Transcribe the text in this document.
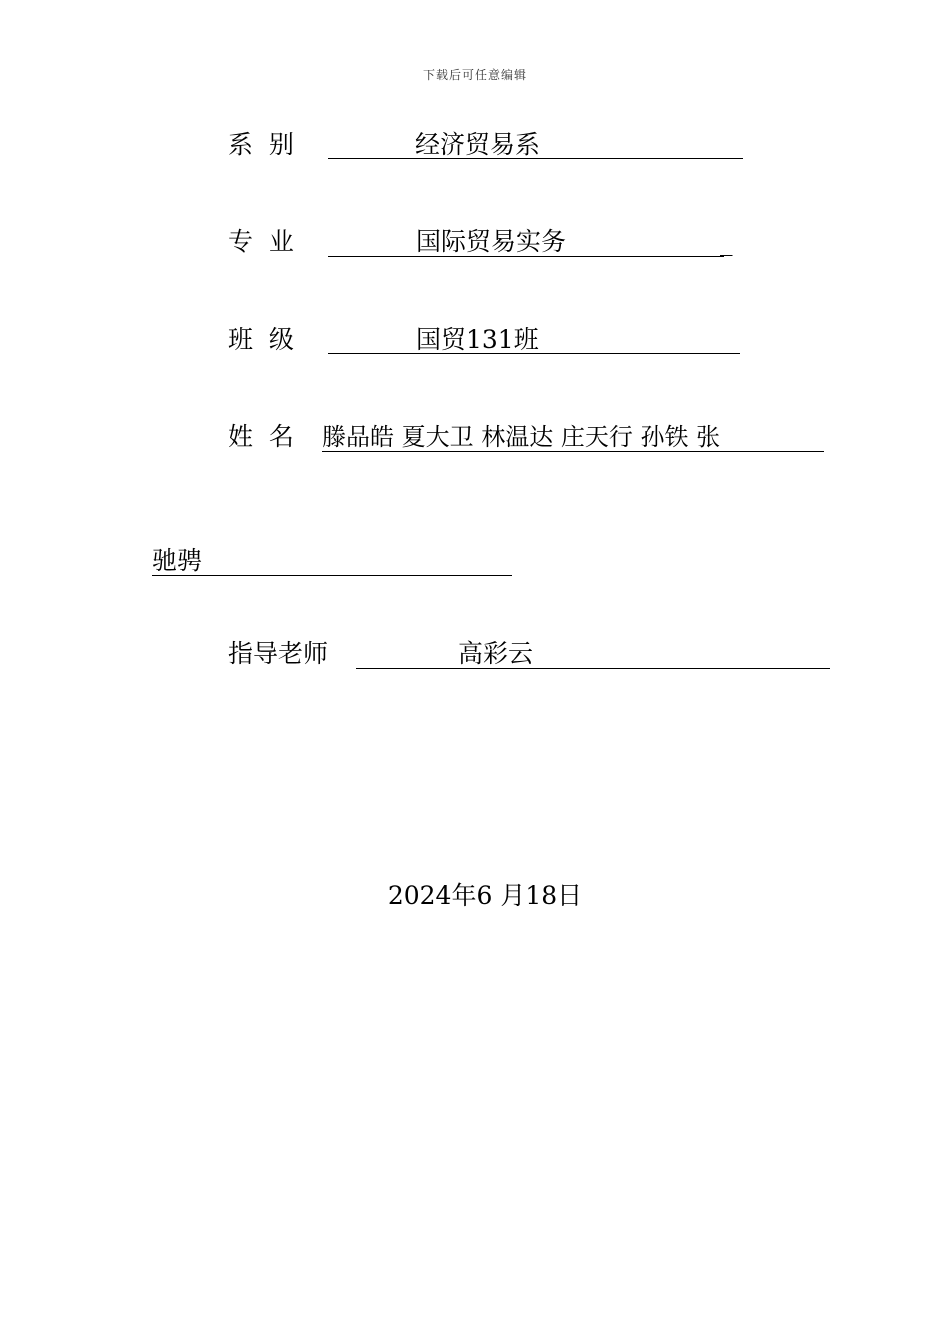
下载后可任意编辑
系  别	经济贸易系
专  业	国际贸易实务	_
班  级	国贸131班
姓  名 滕品皓 夏大卫 林温达 庄天行 孙铁 张
驰骋
指导老师	高彩云
2024年6 月18日
